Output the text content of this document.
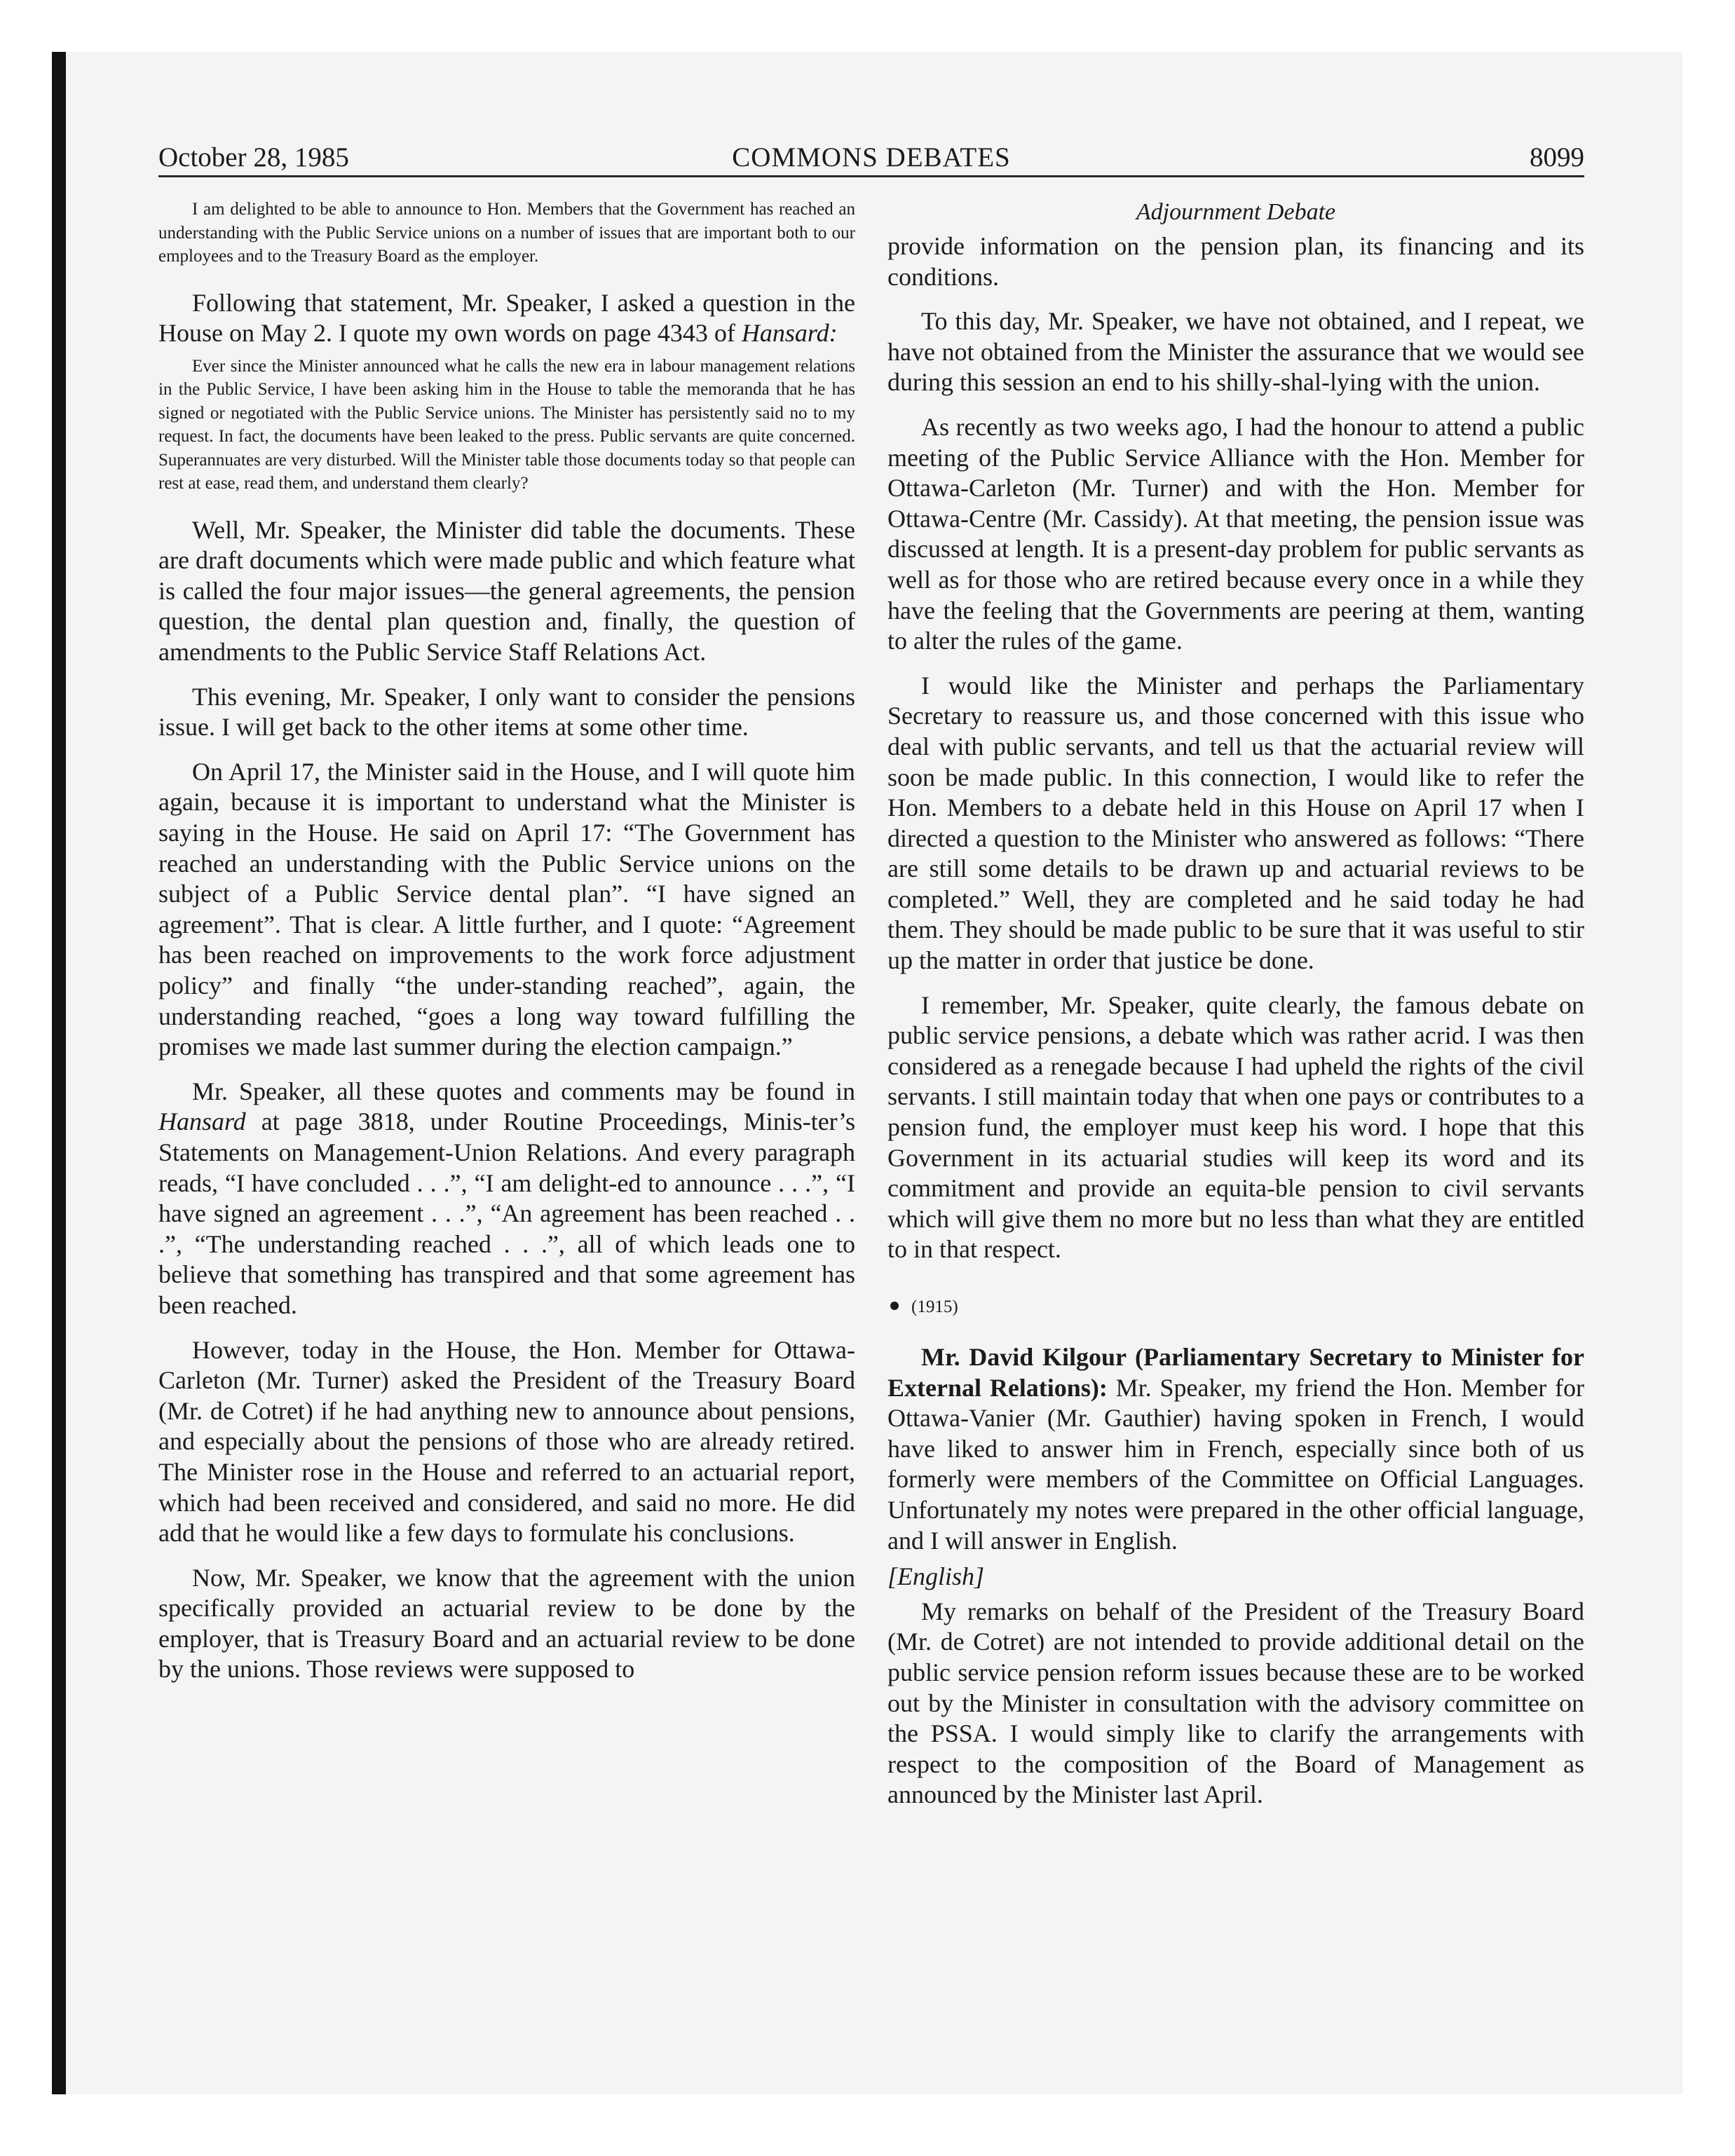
October 28, 1985	COMMONS DEBATES	8099

I am delighted to be able to announce to Hon. Members that the Government has reached an understanding with the Public Service unions on a number of issues that are important both to our employees and to the Treasury Board as the employer.

Following that statement, Mr. Speaker, I asked a question in the House on May 2. I quote my own words on page 4343 of Hansard:

Ever since the Minister announced what he calls the new era in labour management relations in the Public Service, I have been asking him in the House to table the memoranda that he has signed or negotiated with the Public Service unions. The Minister has persistently said no to my request. In fact, the documents have been leaked to the press. Public servants are quite concerned. Superannuates are very disturbed. Will the Minister table those documents today so that people can rest at ease, read them, and understand them clearly?

Well, Mr. Speaker, the Minister did table the documents. These are draft documents which were made public and which feature what is called the four major issues—the general agreements, the pension question, the dental plan question and, finally, the question of amendments to the Public Service Staff Relations Act.

This evening, Mr. Speaker, I only want to consider the pensions issue. I will get back to the other items at some other time.

On April 17, the Minister said in the House, and I will quote him again, because it is important to understand what the Minister is saying in the House. He said on April 17: “The Government has reached an understanding with the Public Service unions on the subject of a Public Service dental plan”. “I have signed an agreement”. That is clear. A little further, and I quote: “Agreement has been reached on improvements to the work force adjustment policy” and finally “the under-standing reached”, again, the understanding reached, “goes a long way toward fulfilling the promises we made last summer during the election campaign.”

Mr. Speaker, all these quotes and comments may be found in Hansard at page 3818, under Routine Proceedings, Minis-ter’s Statements on Management-Union Relations. And every paragraph reads, “I have concluded . . .”, “I am delight-ed to announce . . .”, “I have signed an agreement . . .”, “An agreement has been reached . . .”, “The understanding reached . . .”, all of which leads one to believe that something has transpired and that some agreement has been reached.

However, today in the House, the Hon. Member for Ottawa-Carleton (Mr. Turner) asked the President of the Treasury Board (Mr. de Cotret) if he had anything new to announce about pensions, and especially about the pensions of those who are already retired. The Minister rose in the House and referred to an actuarial report, which had been received and considered, and said no more. He did add that he would like a few days to formulate his conclusions.

Now, Mr. Speaker, we know that the agreement with the union specifically provided an actuarial review to be done by the employer, that is Treasury Board and an actuarial review to be done by the unions. Those reviews were supposed to

Adjournment Debate

provide information on the pension plan, its financing and its conditions.

To this day, Mr. Speaker, we have not obtained, and I repeat, we have not obtained from the Minister the assurance that we would see during this session an end to his shilly-shal-lying with the union.

As recently as two weeks ago, I had the honour to attend a public meeting of the Public Service Alliance with the Hon. Member for Ottawa-Carleton (Mr. Turner) and with the Hon. Member for Ottawa-Centre (Mr. Cassidy). At that meeting, the pension issue was discussed at length. It is a present-day problem for public servants as well as for those who are retired because every once in a while they have the feeling that the Governments are peering at them, wanting to alter the rules of the game.

I would like the Minister and perhaps the Parliamentary Secretary to reassure us, and those concerned with this issue who deal with public servants, and tell us that the actuarial review will soon be made public. In this connection, I would like to refer the Hon. Members to a debate held in this House on April 17 when I directed a question to the Minister who answered as follows: “There are still some details to be drawn up and actuarial reviews to be completed.” Well, they are completed and he said today he had them. They should be made public to be sure that it was useful to stir up the matter in order that justice be done.

I remember, Mr. Speaker, quite clearly, the famous debate on public service pensions, a debate which was rather acrid. I was then considered as a renegade because I had upheld the rights of the civil servants. I still maintain today that when one pays or contributes to a pension fund, the employer must keep his word. I hope that this Government in its actuarial studies will keep its word and its commitment and provide an equita-ble pension to civil servants which will give them no more but no less than what they are entitled to in that respect.

(1915)

Mr. David Kilgour (Parliamentary Secretary to Minister for External Relations): Mr. Speaker, my friend the Hon. Member for Ottawa-Vanier (Mr. Gauthier) having spoken in French, I would have liked to answer him in French, especially since both of us formerly were members of the Committee on Official Languages. Unfortunately my notes were prepared in the other official language, and I will answer in English.

[English]

My remarks on behalf of the President of the Treasury Board (Mr. de Cotret) are not intended to provide additional detail on the public service pension reform issues because these are to be worked out by the Minister in consultation with the advisory committee on the PSSA. I would simply like to clarify the arrangements with respect to the composition of the Board of Management as announced by the Minister last April.
